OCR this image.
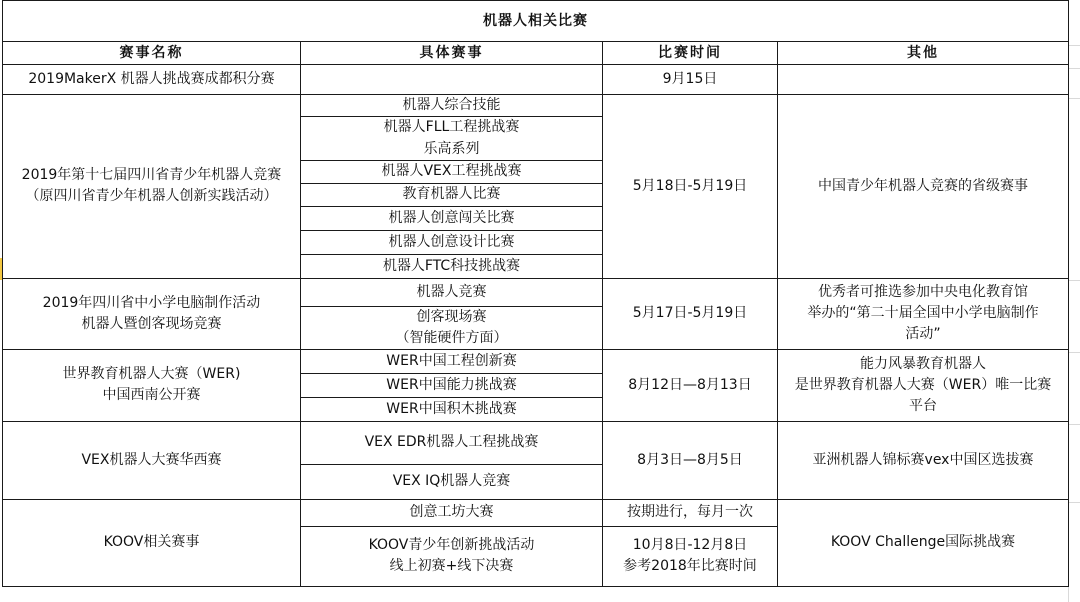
机器人相关比赛			
赛事名称	具体赛事	比赛时间	其他

2019MakerX 机器人挑战赛成都积分赛		9月15日	

2019年第十七届四川省青少年机器人竞赛
（原四川省青少年机器人创新实践活动）	机器人综合技能	5月18日-5月19日	中国青少年机器人竞赛的省级赛事

	机器人FLL工程挑战赛		
	乐高系列		
	机器人VEX工程挑战赛		
	教育机器人比赛		
	机器人创意闯关比赛		
	机器人创意设计比赛		
	机器人FTC科技挑战赛		

2019年四川省中小学电脑制作活动
机器人暨创客现场竞赛	机器人竞赛	5月17日-5月19日	优秀者可推选参加中央电化教育馆
举办的“第二十届全国中小学电脑制作
活动”

	创客现场赛
（智能硬件方面）		

世界教育机器人大赛（WER)
中国西南公开赛	WER中国工程创新赛	8月12日—8月13日	能力风暴教育机器人
是世界教育机器人大赛（WER）唯一比赛
平台

	WER中国能力挑战赛		
	WER中国积木挑战赛		

VEX机器人大赛华西赛	VEX EDR机器人工程挑战赛	8月3日—8月5日	亚洲机器人锦标赛vex中国区选拔赛

	VEX IQ机器人竞赛		

KOOV相关赛事	创意工坊大赛	按期进行，每月一次	KOOV Challenge国际挑战赛

	KOOV青少年创新挑战活动
线上初赛+线下决赛	10月8日-12月8日
参考2018年比赛时间	
